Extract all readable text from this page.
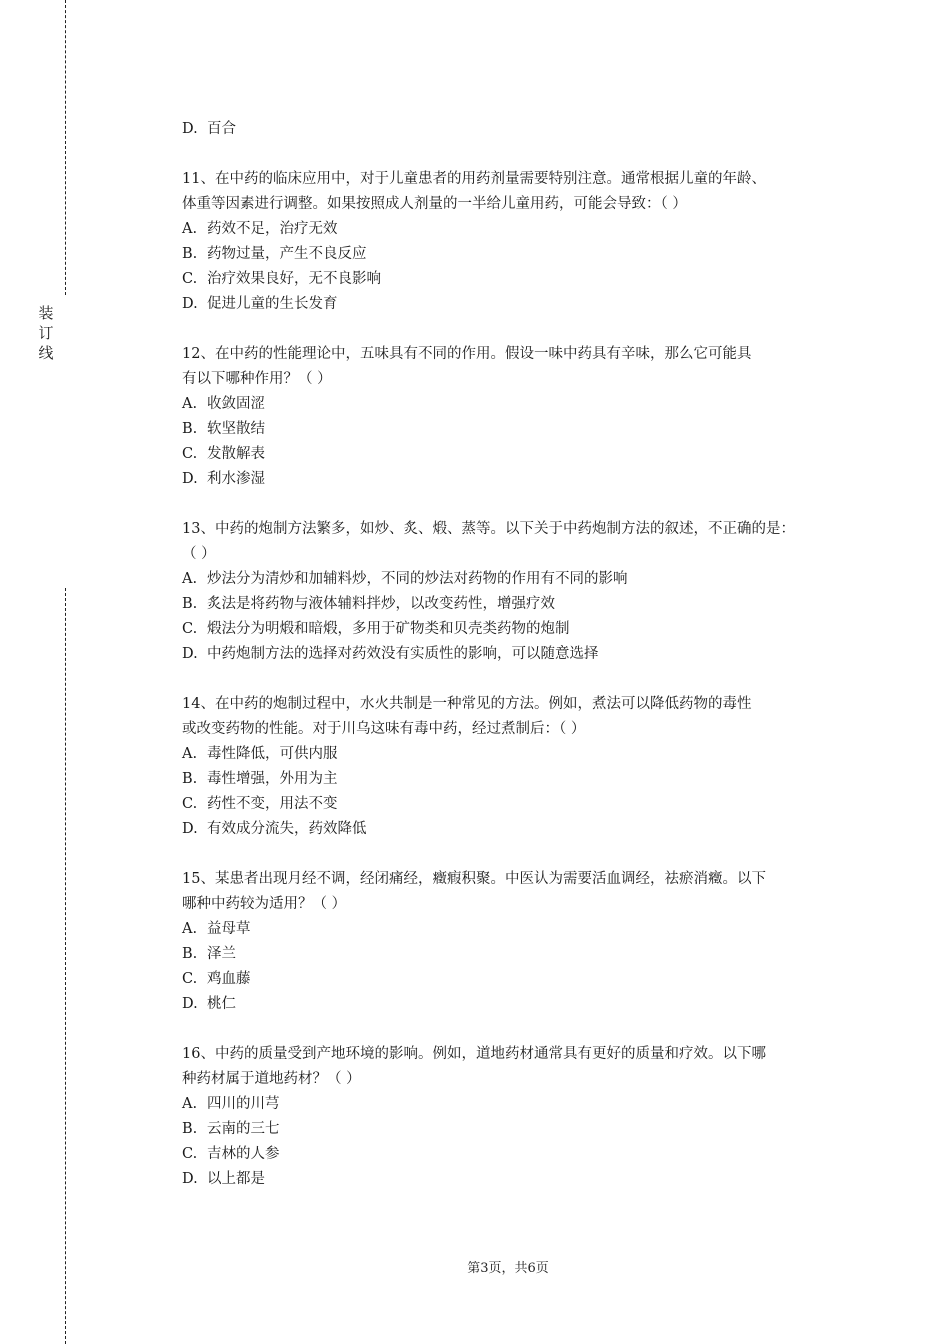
装
订
线
D. 百合
11、在中药的临床应用中，对于儿童患者的用药剂量需要特别注意。通常根据儿童的年龄、
体重等因素进行调整。如果按照成人剂量的一半给儿童用药，可能会导致：（ ）
A. 药效不足，治疗无效
B. 药物过量，产生不良反应
C. 治疗效果良好，无不良影响
D. 促进儿童的生长发育
12、在中药的性能理论中，五味具有不同的作用。假设一味中药具有辛味，那么它可能具
有以下哪种作用？（ ）
A. 收敛固涩
B. 软坚散结
C. 发散解表
D. 利水渗湿
13、中药的炮制方法繁多，如炒、炙、煅、蒸等。以下关于中药炮制方法的叙述，不正确的是：
（ ）
A. 炒法分为清炒和加辅料炒，不同的炒法对药物的作用有不同的影响
B. 炙法是将药物与液体辅料拌炒，以改变药性，增强疗效
C. 煅法分为明煅和暗煅，多用于矿物类和贝壳类药物的炮制
D. 中药炮制方法的选择对药效没有实质性的影响，可以随意选择
14、在中药的炮制过程中，水火共制是一种常见的方法。例如，煮法可以降低药物的毒性
或改变药物的性能。对于川乌这味有毒中药，经过煮制后：（ ）
A. 毒性降低，可供内服
B. 毒性增强，外用为主
C. 药性不变，用法不变
D. 有效成分流失，药效降低
15、某患者出现月经不调，经闭痛经，癥瘕积聚。中医认为需要活血调经，祛瘀消癥。以下
哪种中药较为适用？（ ）
A. 益母草
B. 泽兰
C. 鸡血藤
D. 桃仁
16、中药的质量受到产地环境的影响。例如，道地药材通常具有更好的质量和疗效。以下哪
种药材属于道地药材？（ ）
A. 四川的川芎
B. 云南的三七
C. 吉林的人参
D. 以上都是
第3页，共6页
